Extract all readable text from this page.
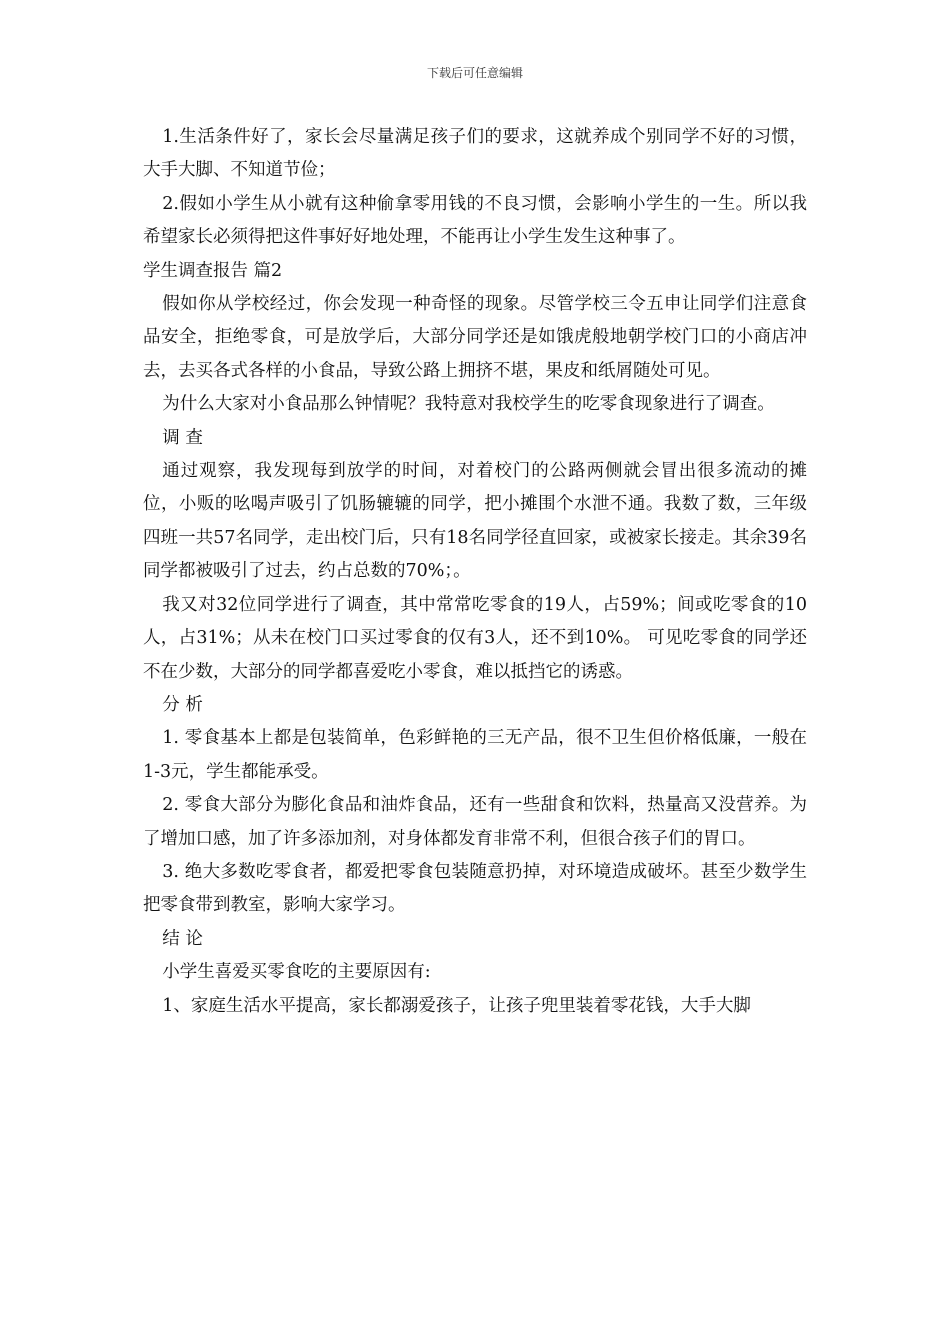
下载后可任意编辑

1.生活条件好了，家长会尽量满足孩子们的要求，这就养成个别同学不好的习惯，大手大脚、不知道节俭；

2.假如小学生从小就有这种偷拿零用钱的不良习惯，会影响小学生的一生。所以我希望家长必须得把这件事好好地处理，不能再让小学生发生这种事了。

学生调查报告 篇2

假如你从学校经过，你会发现一种奇怪的现象。尽管学校三令五申让同学们注意食品安全，拒绝零食，可是放学后，大部分同学还是如饿虎般地朝学校门口的小商店冲去，去买各式各样的小食品，导致公路上拥挤不堪，果皮和纸屑随处可见。

为什么大家对小食品那么钟情呢？我特意对我校学生的吃零食现象进行了调查。

调 查

通过观察，我发现每到放学的时间，对着校门的公路两侧就会冒出很多流动的摊位，小贩的吆喝声吸引了饥肠辘辘的同学，把小摊围个水泄不通。我数了数，三年级四班一共57名同学，走出校门后，只有18名同学径直回家，或被家长接走。其余39名同学都被吸引了过去，约占总数的70%；。

我又对32位同学进行了调查，其中常常吃零食的19人，占59%；间或吃零食的10人，占31%；从未在校门口买过零食的仅有3人，还不到10%。 可见吃零食的同学还不在少数，大部分的同学都喜爱吃小零食，难以抵挡它的诱惑。

分 析

1. 零食基本上都是包装简单，色彩鲜艳的三无产品，很不卫生但价格低廉，一般在1-3元，学生都能承受。

2. 零食大部分为膨化食品和油炸食品，还有一些甜食和饮料，热量高又没营养。为了增加口感，加了许多添加剂，对身体都发育非常不利，但很合孩子们的胃口。

3. 绝大多数吃零食者，都爱把零食包装随意扔掉，对环境造成破坏。甚至少数学生把零食带到教室，影响大家学习。

结 论

小学生喜爱买零食吃的主要原因有:

1、家庭生活水平提高，家长都溺爱孩子，让孩子兜里装着零花钱，大手大脚
